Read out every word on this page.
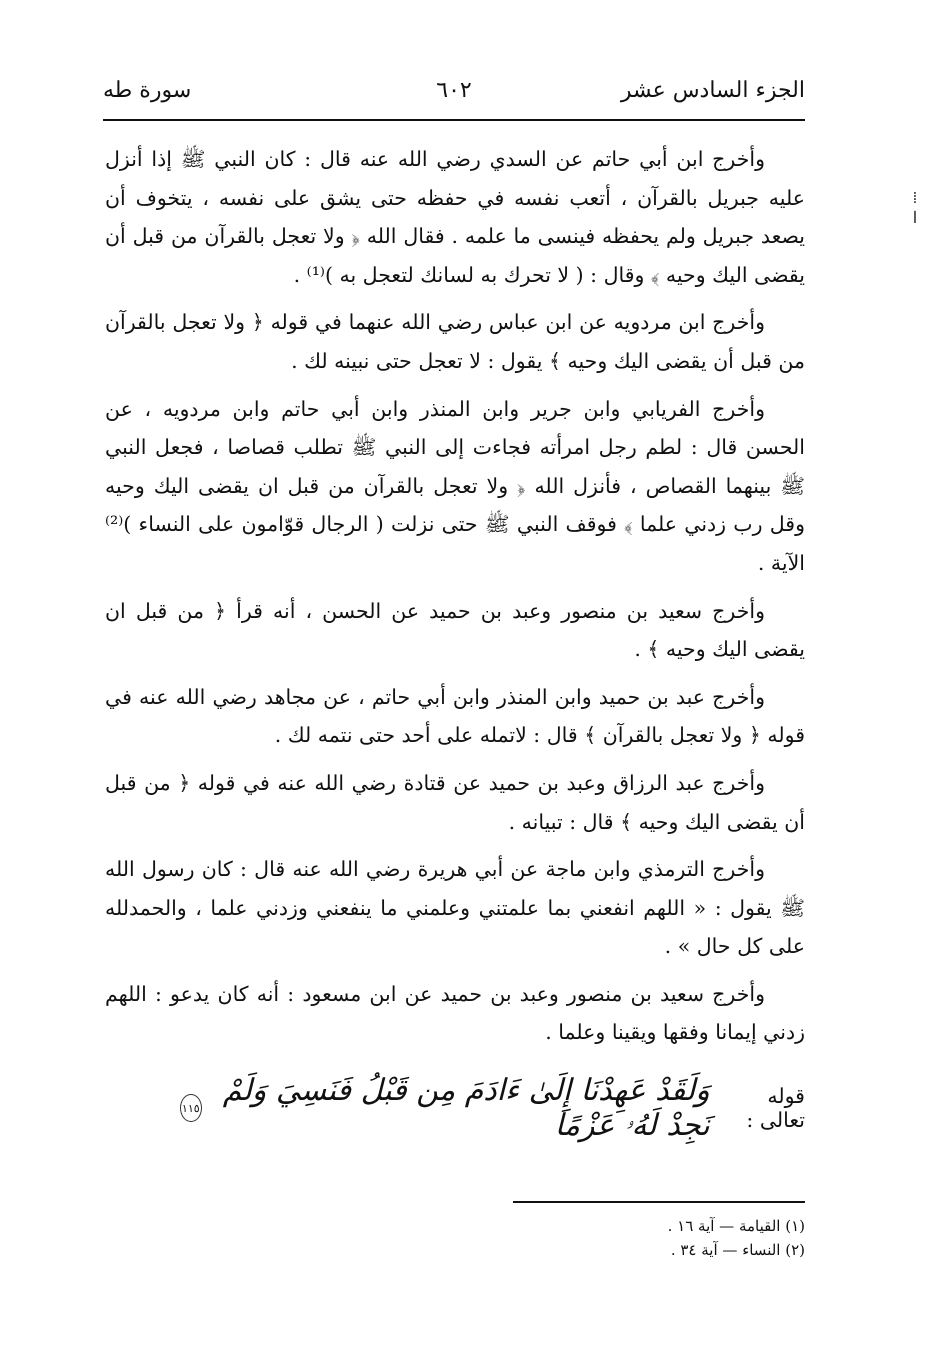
سورة طه	٦٠٢	الجزء السادس عشر
⁞
ا

وأخرج ابن أبي حاتم عن السدي رضي الله عنه قال : كان النبي ﷺ إذا أنزل عليه جبريل بالقرآن ، أتعب نفسه في حفظه حتى يشق على نفسه ، يتخوف أن يصعد جبريل ولم يحفظه فينسى ما علمه . فقال الله ﴿ ولا تعجل بالقرآن من قبل أن يقضى اليك وحيه ﴾ وقال : ( لا تحرك به لسانك لتعجل به )⁽¹⁾ .

وأخرج ابن مردويه عن ابن عباس رضي الله عنهما في قوله ﴿ ولا تعجل بالقرآن من قبل أن يقضى اليك وحيه ﴾ يقول : لا تعجل حتى نبينه لك .

وأخرج الفريابي وابن جرير وابن المنذر وابن أبي حاتم وابن مردويه ، عن الحسن قال : لطم رجل امرأته فجاءت إلى النبي ﷺ تطلب قصاصا ، فجعل النبي ﷺ بينهما القصاص ، فأنزل الله ﴿ ولا تعجل بالقرآن من قبل ان يقضى اليك وحيه وقل رب زدني علما ﴾ فوقف النبي ﷺ حتى نزلت ( الرجال قوّامون على النساء )⁽²⁾ الآية .

وأخرج سعيد بن منصور وعبد بن حميد عن الحسن ، أنه قرأ ﴿ من قبل ان يقضى اليك وحيه ﴾ .

وأخرج عبد بن حميد وابن المنذر وابن أبي حاتم ، عن مجاهد رضي الله عنه في قوله ﴿ ولا تعجل بالقرآن ﴾ قال : لاتمله على أحد حتى نتمه لك .

وأخرج عبد الرزاق وعبد بن حميد عن قتادة رضي الله عنه في قوله ﴿ من قبل أن يقضى اليك وحيه ﴾ قال : تبيانه .

وأخرج الترمذي وابن ماجة عن أبي هريرة رضي الله عنه قال : كان رسول الله ﷺ يقول : « اللهم انفعني بما علمتني وعلمني ما ينفعني وزدني علما ، والحمدلله على كل حال » .

وأخرج سعيد بن منصور وعبد بن حميد عن ابن مسعود : أنه كان يدعو : اللهم زدني إيمانا وفقها ويقينا وعلما .

قوله تعالى :
وَلَقَدْ عَهِدْنَا إِلَىٰ ءَادَمَ مِن قَبْلُ فَنَسِيَ وَلَمْ نَجِدْ لَهُۥ عَزْمًا
١١٥
(١) القيامة — آية ١٦ .
(٢) النساء — آية ٣٤ .
